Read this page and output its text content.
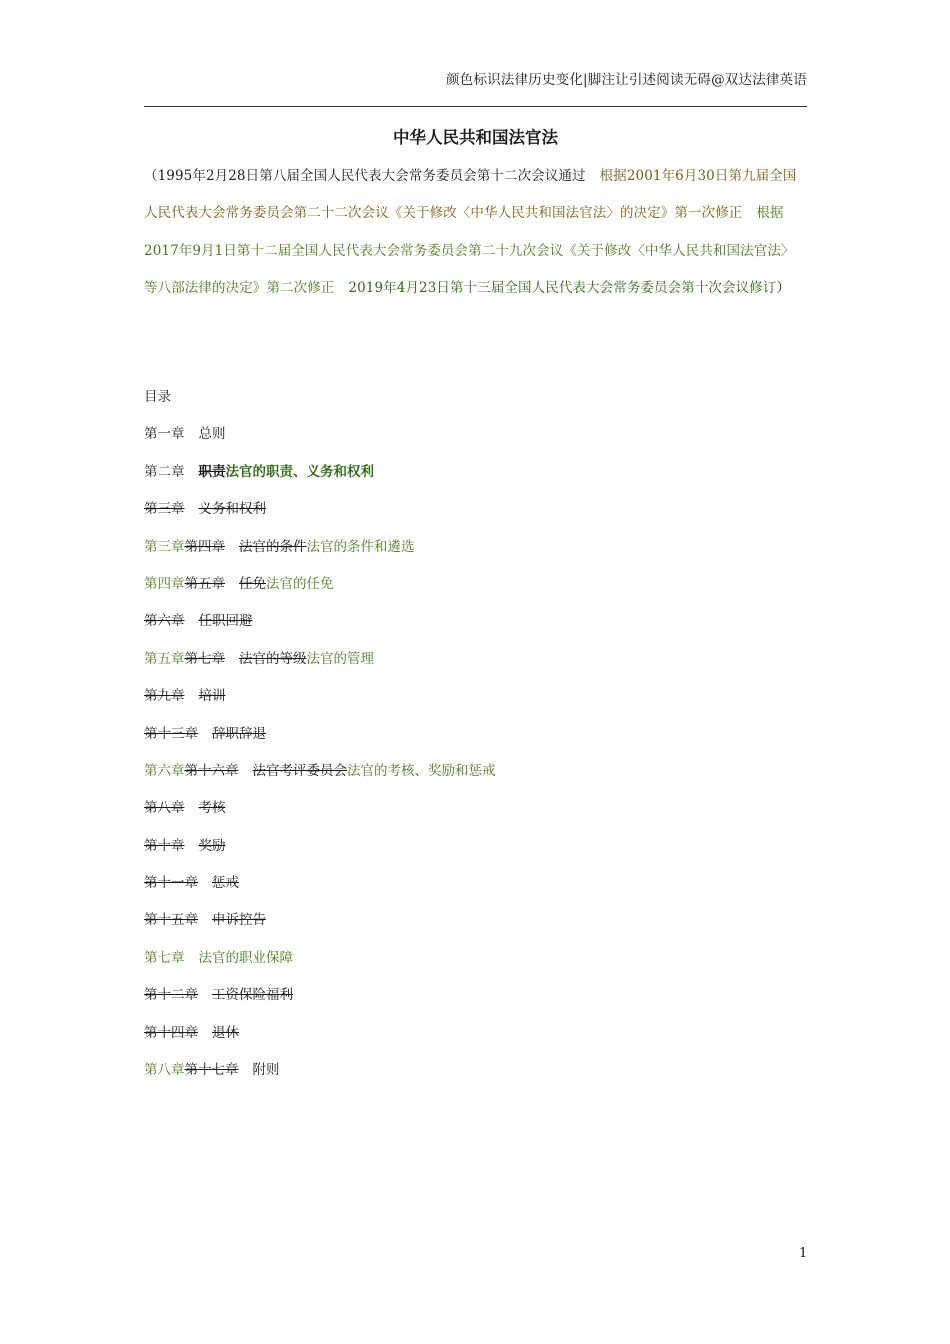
颜色标识法律历史变化|脚注让引述阅读无碍@双达法律英语
中华人民共和国法官法
（1995年2月28日第八届全国人民代表大会常务委员会第十二次会议通过 根据2001年6月30日第九届全国人民代表大会常务委员会第二十二次会议《关于修改〈中华人民共和国法官法〉的决定》第一次修正 根据2017年9月1日第十二届全国人民代表大会常务委员会第二十九次会议《关于修改〈中华人民共和国法官法〉等八部法律的决定》第二次修正 2019年4月23日第十三届全国人民代表大会常务委员会第十次会议修订）
目录
第一章 总则
第二章 职责法官的职责、义务和权利
第三章 义务和权利
第三章第四章 法官的条件法官的条件和遴选
第四章第五章 任免法官的任免
第六章 任职回避
第五章第七章 法官的等级法官的管理
第九章 培训
第十三章 辞职辞退
第六章第十六章 法官考评委员会法官的考核、奖励和惩戒
第八章 考核
第十章 奖励
第十一章 惩戒
第十五章 申诉控告
第七章 法官的职业保障
第十二章 工资保险福利
第十四章 退休
第八章第十七章 附则
1
